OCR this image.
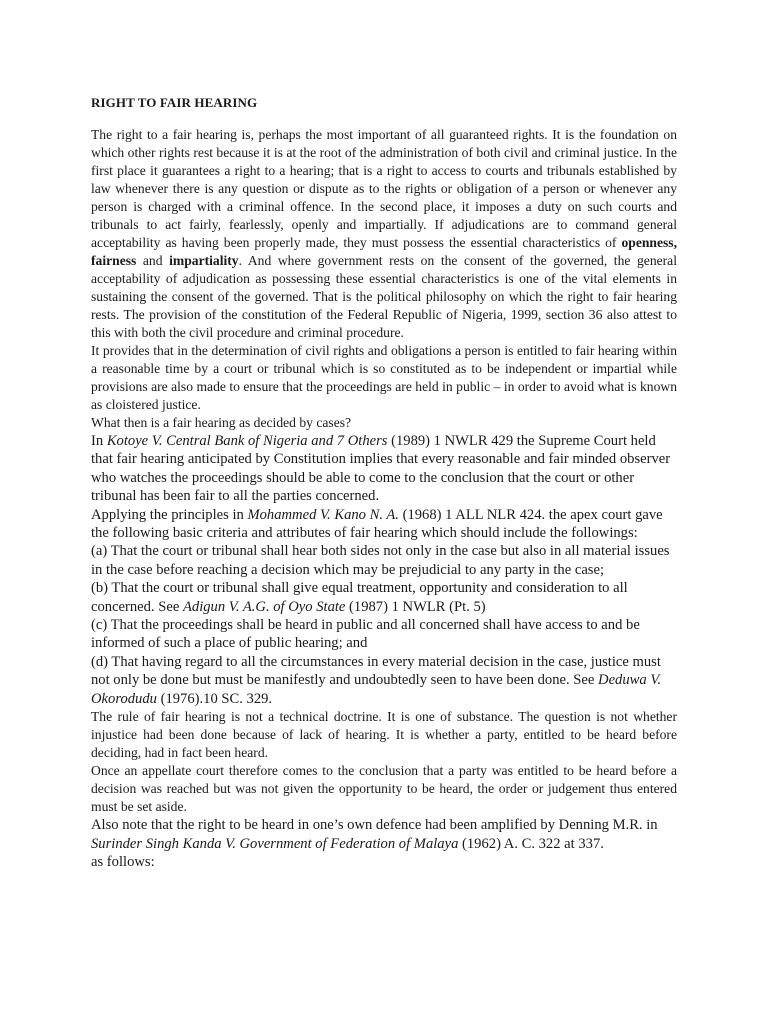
RIGHT TO FAIR HEARING

The right to a fair hearing is, perhaps the most important of all guaranteed rights. It is the foundation on which other rights rest because it is at the root of the administration of both civil and criminal justice. In the first place it guarantees a right to a hearing; that is a right to access to courts and tribunals established by law whenever there is any question or dispute as to the rights or obligation of a person or whenever any person is charged with a criminal offence. In the second place, it imposes a duty on such courts and tribunals to act fairly, fearlessly, openly and impartially. If adjudications are to command general acceptability as having been properly made, they must possess the essential characteristics of openness, fairness and impartiality. And where government rests on the consent of the governed, the general acceptability of adjudication as possessing these essential characteristics is one of the vital elements in sustaining the consent of the governed. That is the political philosophy on which the right to fair hearing rests. The provision of the constitution of the Federal Republic of Nigeria, 1999, section 36 also attest to this with both the civil procedure and criminal procedure.

It provides that in the determination of civil rights and obligations a person is entitled to fair hearing within a reasonable time by a court or tribunal which is so constituted as to be independent or impartial while provisions are also made to ensure that the proceedings are held in public – in order to avoid what is known as cloistered justice.

What then is a fair hearing as decided by cases?

In Kotoye V. Central Bank of Nigeria and 7 Others (1989) 1 NWLR 429 the Supreme Court held that fair hearing anticipated by Constitution implies that every reasonable and fair minded observer who watches the proceedings should be able to come to the conclusion that the court or other tribunal has been fair to all the parties concerned.

Applying the principles in Mohammed V. Kano N. A. (1968) 1 ALL NLR 424. the apex court gave the following basic criteria and attributes of fair hearing which should include the followings:

(a) That the court or tribunal shall hear both sides not only in the case but also in all material issues in the case before reaching a decision which may be prejudicial to any party in the case;

(b) That the court or tribunal shall give equal treatment, opportunity and consideration to all concerned. See Adigun V. A.G. of Oyo State (1987) 1 NWLR (Pt. 5)

(c) That the proceedings shall be heard in public and all concerned shall have access to and be informed of such a place of public hearing; and

(d) That having regard to all the circumstances in every material decision in the case, justice must not only be done but must be manifestly and undoubtedly seen to have been done. See Deduwa V. Okorodudu (1976).10 SC. 329.

The rule of fair hearing is not a technical doctrine. It is one of substance. The question is not whether injustice had been done because of lack of hearing. It is whether a party, entitled to be heard before deciding, had in fact been heard.

Once an appellate court therefore comes to the conclusion that a party was entitled to be heard before a decision was reached but was not given the opportunity to be heard, the order or judgement thus entered must be set aside.

Also note that the right to be heard in one’s own defence had been amplified by Denning M.R. in Surinder Singh Kanda V. Government of Federation of Malaya (1962) A. C. 322 at 337.

as follows:
